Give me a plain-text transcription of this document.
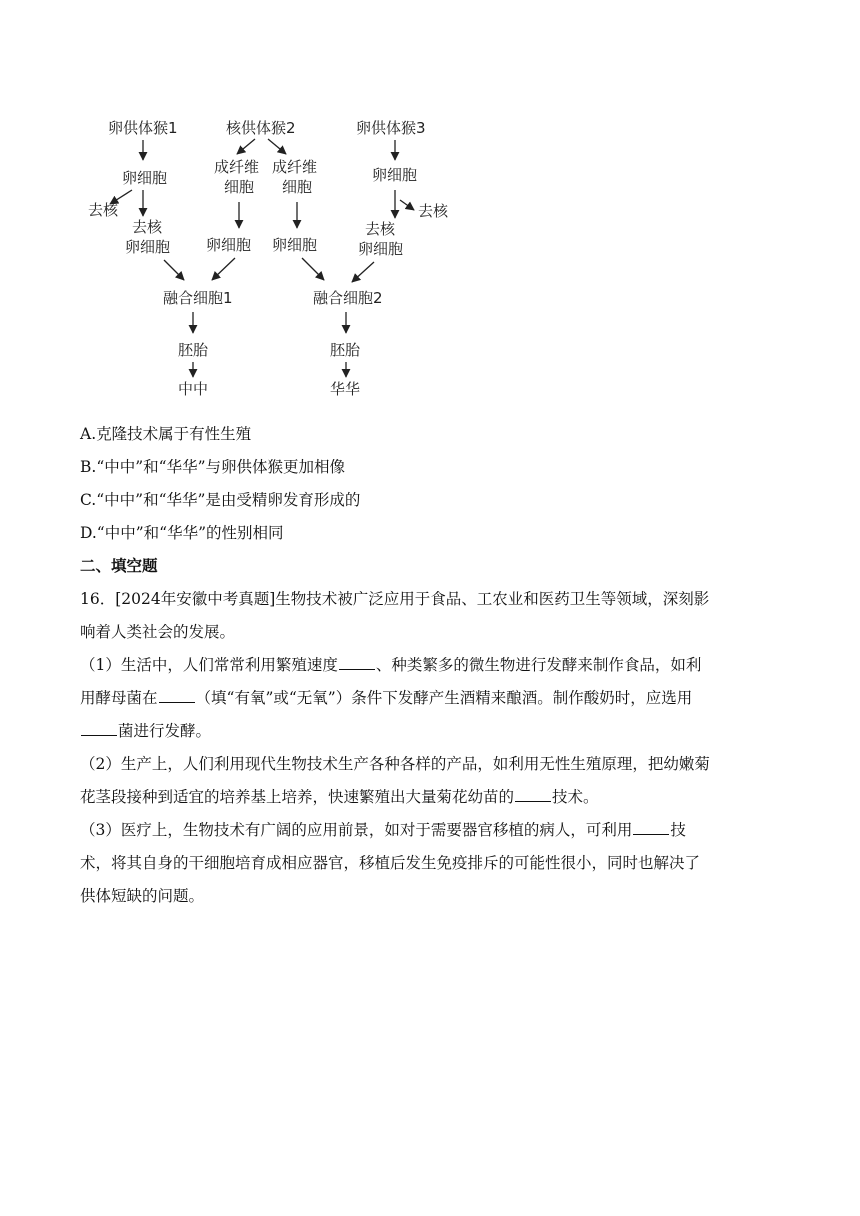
卵供体猴1
卵细胞
去核
去核
卵细胞
核供体猴2
成纤维
细胞
成纤维
细胞
卵细胞 卵细胞
卵供体猴3
卵细胞
去核
去核
卵细胞
融合细胞1	融合细胞2
胚胎	胚胎
中中	华华
A.克隆技术属于有性生殖
B.“中中”和“华华”与卵供体猴更加相像
C.“中中”和“华华”是由受精卵发育形成的
D.“中中”和“华华”的性别相同
二、填空题
16．[2024年安徽中考真题]生物技术被广泛应用于食品、工农业和医药卫生等领域，深刻影
响着人类社会的发展。
（1）生活中，人们常常利用繁殖速度 、种类繁多的微生物进行发酵来制作食品，如利
用酵母菌在 （填“有氧”或“无氧”）条件下发酵产生酒精来酿酒。制作酸奶时，应选用
菌进行发酵。
（2）生产上，人们利用现代生物技术生产各种各样的产品，如利用无性生殖原理，把幼嫩菊
花茎段接种到适宜的培养基上培养，快速繁殖出大量菊花幼苗的 技术。
（3）医疗上，生物技术有广阔的应用前景，如对于需要器官移植的病人，可利用 技
术，将其自身的干细胞培育成相应器官，移植后发生免疫排斥的可能性很小，同时也解决了
供体短缺的问题。
